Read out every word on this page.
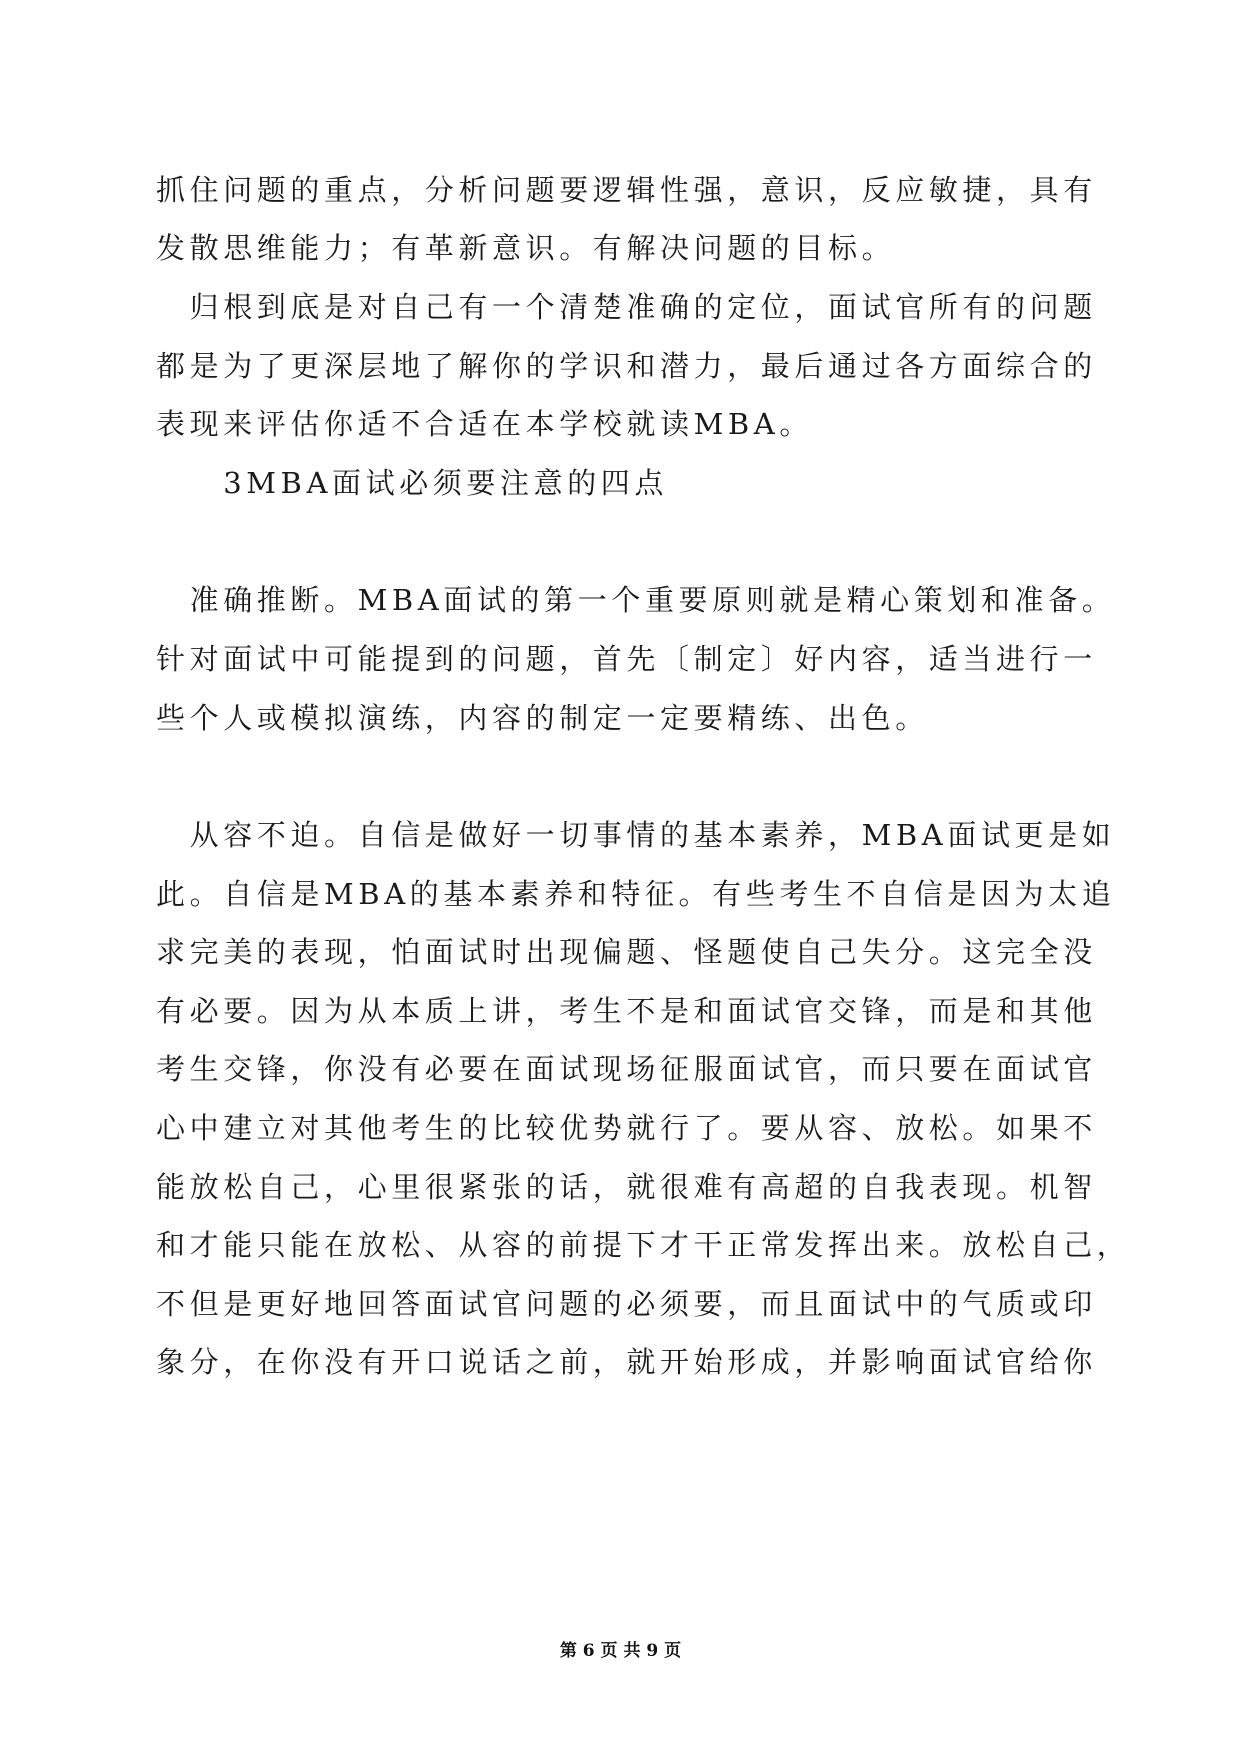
抓住问题的重点，分析问题要逻辑性强，意识，反应敏捷，具有
发散思维能力；有革新意识。有解决问题的目标。
　归根到底是对自己有一个清楚准确的定位，面试官所有的问题
都是为了更深层地了解你的学识和潜力，最后通过各方面综合的
表现来评估你适不合适在本学校就读MBA。
　　3MBA面试必须要注意的四点
　准确推断。MBA面试的第一个重要原则就是精心策划和准备。
针对面试中可能提到的问题，首先〔制定〕好内容，适当进行一
些个人或模拟演练，内容的制定一定要精练、出色。
　从容不迫。自信是做好一切事情的基本素养，MBA面试更是如
此。自信是MBA的基本素养和特征。有些考生不自信是因为太追
求完美的表现，怕面试时出现偏题、怪题使自己失分。这完全没
有必要。因为从本质上讲，考生不是和面试官交锋，而是和其他
考生交锋，你没有必要在面试现场征服面试官，而只要在面试官
心中建立对其他考生的比较优势就行了。要从容、放松。如果不
能放松自己，心里很紧张的话，就很难有高超的自我表现。机智
和才能只能在放松、从容的前提下才干正常发挥出来。放松自己，
不但是更好地回答面试官问题的必须要，而且面试中的气质或印
象分，在你没有开口说话之前，就开始形成，并影响面试官给你
第 6 页 共 9 页
